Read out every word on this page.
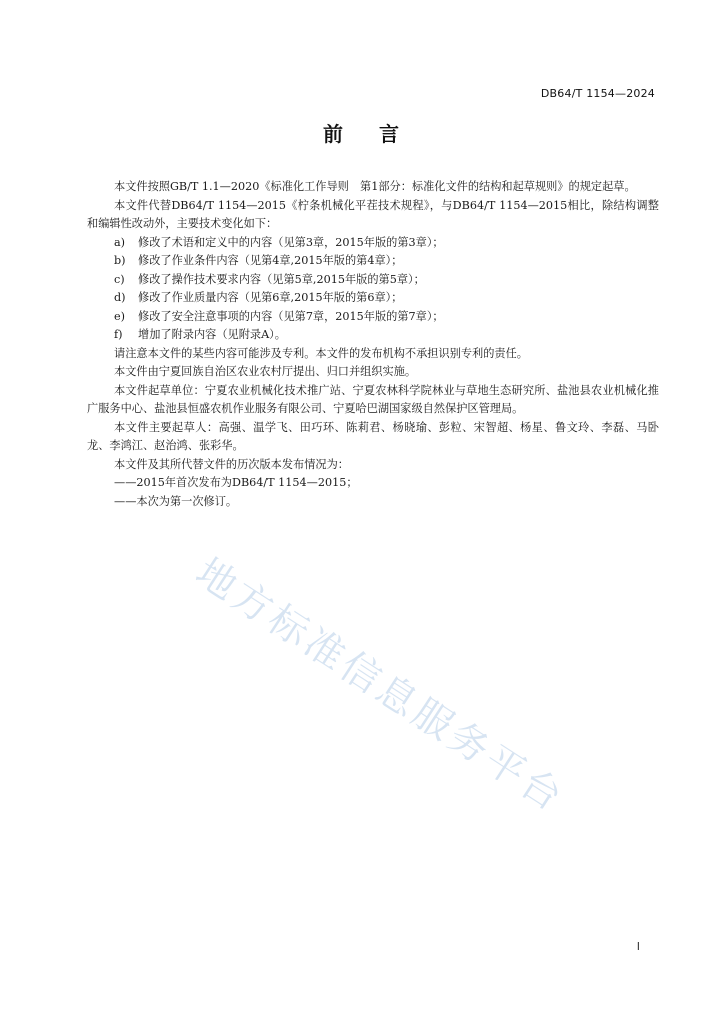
DB64/T 1154—2024
前 言

本文件按照GB/T 1.1—2020《标准化工作导则　第1部分：标准化文件的结构和起草规则》的规定起草。

本文件代替DB64/T 1154—2015《柠条机械化平茬技术规程》，与DB64/T 1154—2015相比，除结构调整和编辑性改动外，主要技术变化如下：

a) 修改了术语和定义中的内容（见第3章，2015年版的第3章）；
b) 修改了作业条件内容（见第4章,2015年版的第4章）；
c) 修改了操作技术要求内容（见第5章,2015年版的第5章）；
d) 修改了作业质量内容（见第6章,2015年版的第6章）；
e) 修改了安全注意事项的内容（见第7章，2015年版的第7章）；
f) 增加了附录内容（见附录A）。

请注意本文件的某些内容可能涉及专利。本文件的发布机构不承担识别专利的责任。

本文件由宁夏回族自治区农业农村厅提出、归口并组织实施。

本文件起草单位：宁夏农业机械化技术推广站、宁夏农林科学院林业与草地生态研究所、盐池县农业机械化推广服务中心、盐池县恒盛农机作业服务有限公司、宁夏哈巴湖国家级自然保护区管理局。

本文件主要起草人：高强、温学飞、田巧环、陈莉君、杨晓瑜、彭粒、宋智超、杨星、鲁文玲、李磊、马卧龙、李鸿江、赵治鸿、张彩华。

本文件及其所代替文件的历次版本发布情况为：

——2015年首次发布为DB64/T 1154—2015；
——本次为第一次修订。
地方标准信息服务平台
I
